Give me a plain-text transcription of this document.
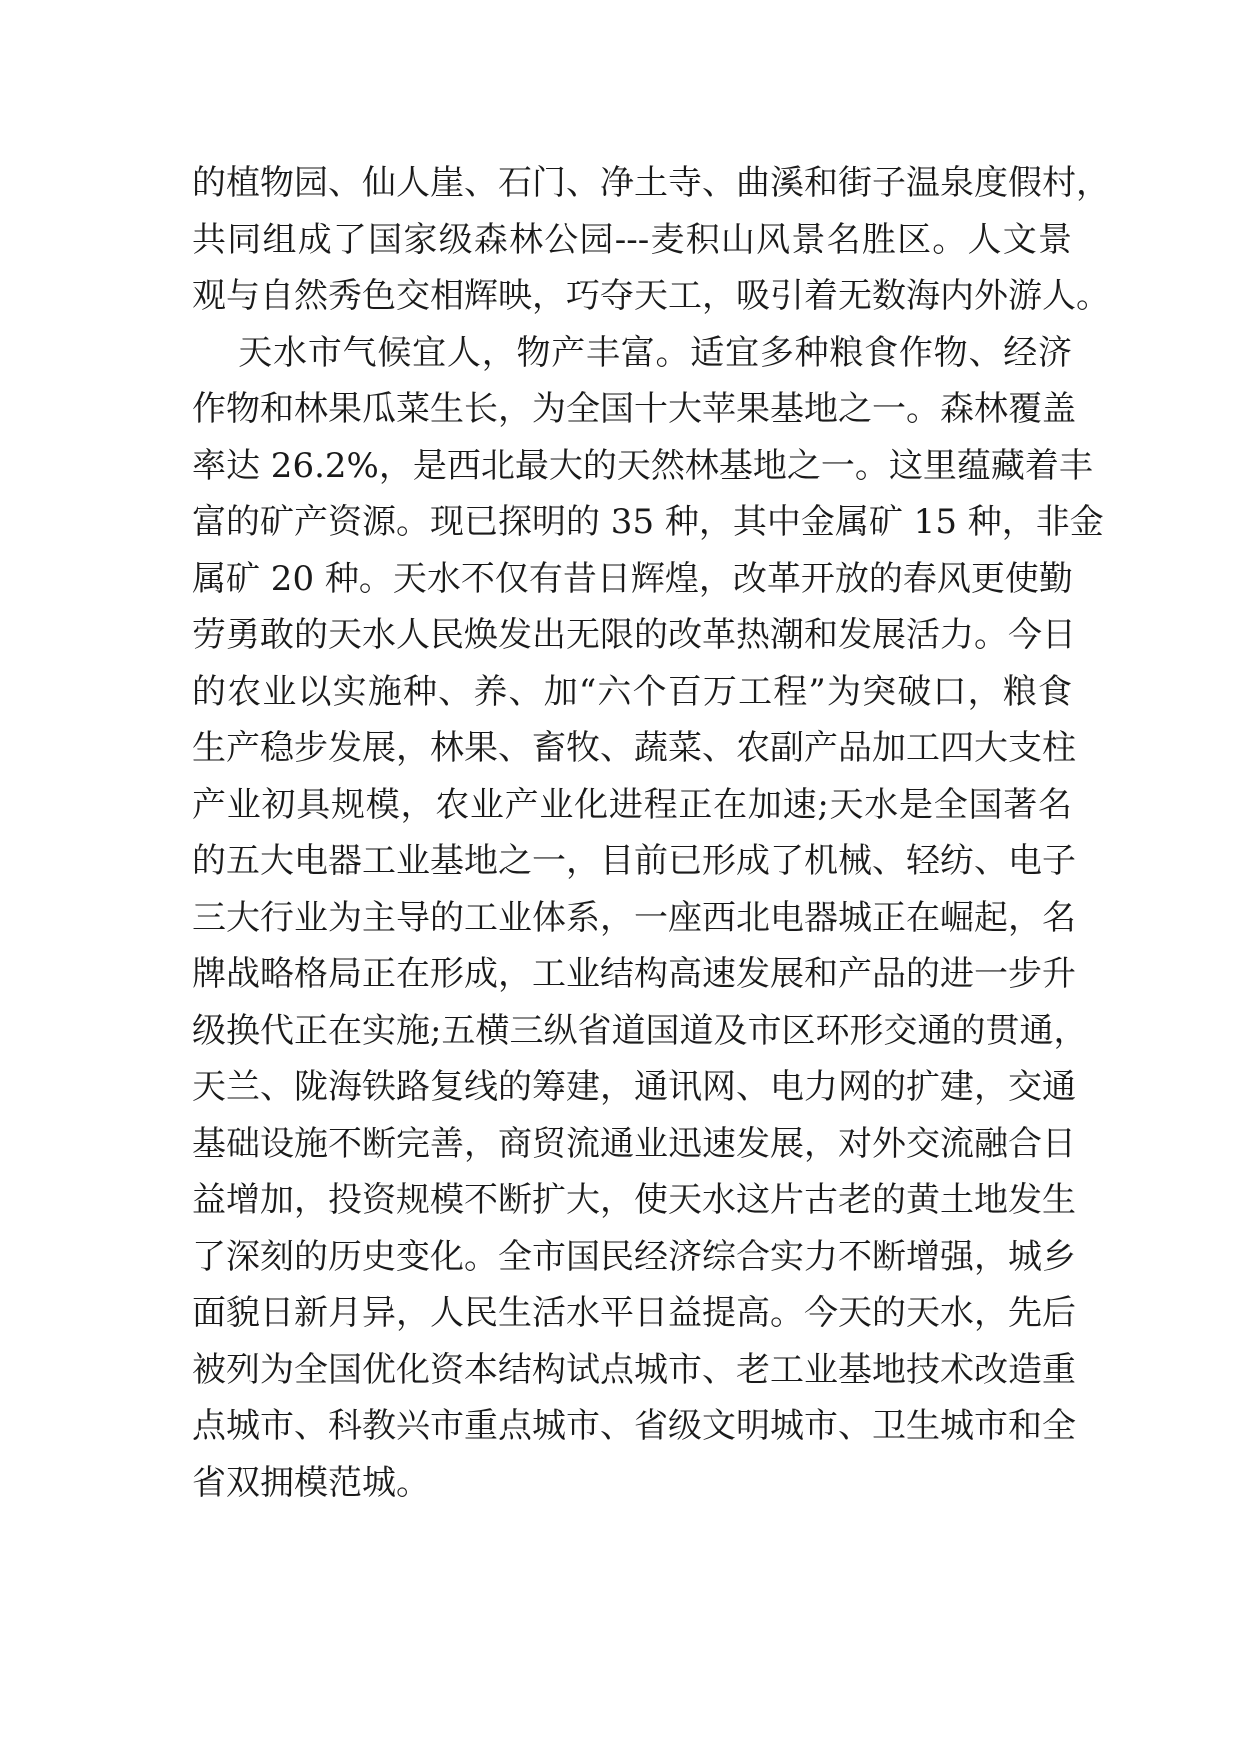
的植物园、仙人崖、石门、净土寺、曲溪和街子温泉度假村，
共同组成了国家级森林公园---麦积山风景名胜区。人文景
观与自然秀色交相辉映，巧夺天工，吸引着无数海内外游人。
天水市气候宜人，物产丰富。适宜多种粮食作物、经济
作物和林果瓜菜生长，为全国十大苹果基地之一。森林覆盖
率达 26.2%，是西北最大的天然林基地之一。这里蕴藏着丰
富的矿产资源。现已探明的 35 种，其中金属矿 15 种，非金
属矿 20 种。天水不仅有昔日辉煌，改革开放的春风更使勤
劳勇敢的天水人民焕发出无限的改革热潮和发展活力。今日
的农业以实施种、养、加“六个百万工程”为突破口，粮食
生产稳步发展，林果、畜牧、蔬菜、农副产品加工四大支柱
产业初具规模，农业产业化进程正在加速;天水是全国著名
的五大电器工业基地之一，目前已形成了机械、轻纺、电子
三大行业为主导的工业体系，一座西北电器城正在崛起，名
牌战略格局正在形成，工业结构高速发展和产品的进一步升
级换代正在实施;五横三纵省道国道及市区环形交通的贯通，
天兰、陇海铁路复线的筹建，通讯网、电力网的扩建，交通
基础设施不断完善，商贸流通业迅速发展，对外交流融合日
益增加，投资规模不断扩大，使天水这片古老的黄土地发生
了深刻的历史变化。全市国民经济综合实力不断增强，城乡
面貌日新月异，人民生活水平日益提高。今天的天水，先后
被列为全国优化资本结构试点城市、老工业基地技术改造重
点城市、科教兴市重点城市、省级文明城市、卫生城市和全
省双拥模范城。
